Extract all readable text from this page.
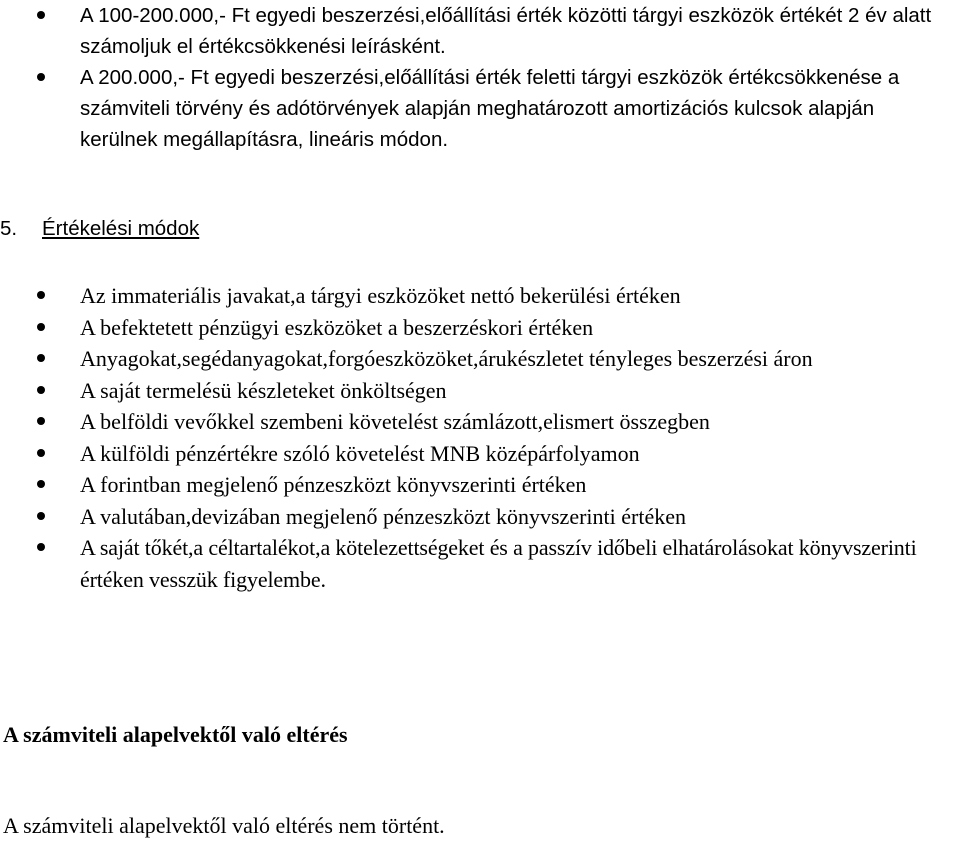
A 100-200.000,- Ft egyedi beszerzési,előállítási érték közötti tárgyi eszközök értékét 2 év alatt számoljuk el értékcsökkenési leírásként.
A 200.000,- Ft egyedi beszerzési,előállítási érték feletti tárgyi eszközök értékcsökkenése a számviteli törvény és adótörvények alapján meghatározott amortizációs kulcsok alapján kerülnek megállapításra, lineáris módon.
5. Értékelési módok
Az immateriális javakat,a tárgyi eszközöket nettó bekerülési értéken
A befektetett pénzügyi eszközöket a beszerzéskori értéken
Anyagokat,segédanyagokat,forgóeszközöket,árukészletet tényleges beszerzési áron
A saját termelésü készleteket önköltségen
A belföldi vevőkkel szembeni követelést számlázott,elismert összegben
A külföldi pénzértékre szóló követelést MNB középárfolyamon
A forintban megjelenő pénzeszközt könyvszerinti értéken
A valutában,devizában megjelenő pénzeszközt könyvszerinti értéken
A saját tőkét,a céltartalékot,a kötelezettségeket és a passzív időbeli elhatárolásokat könyvszerinti értéken vesszük figyelembe.
A számviteli alapelvektől való eltérés
A számviteli alapelvektől való eltérés nem történt.
